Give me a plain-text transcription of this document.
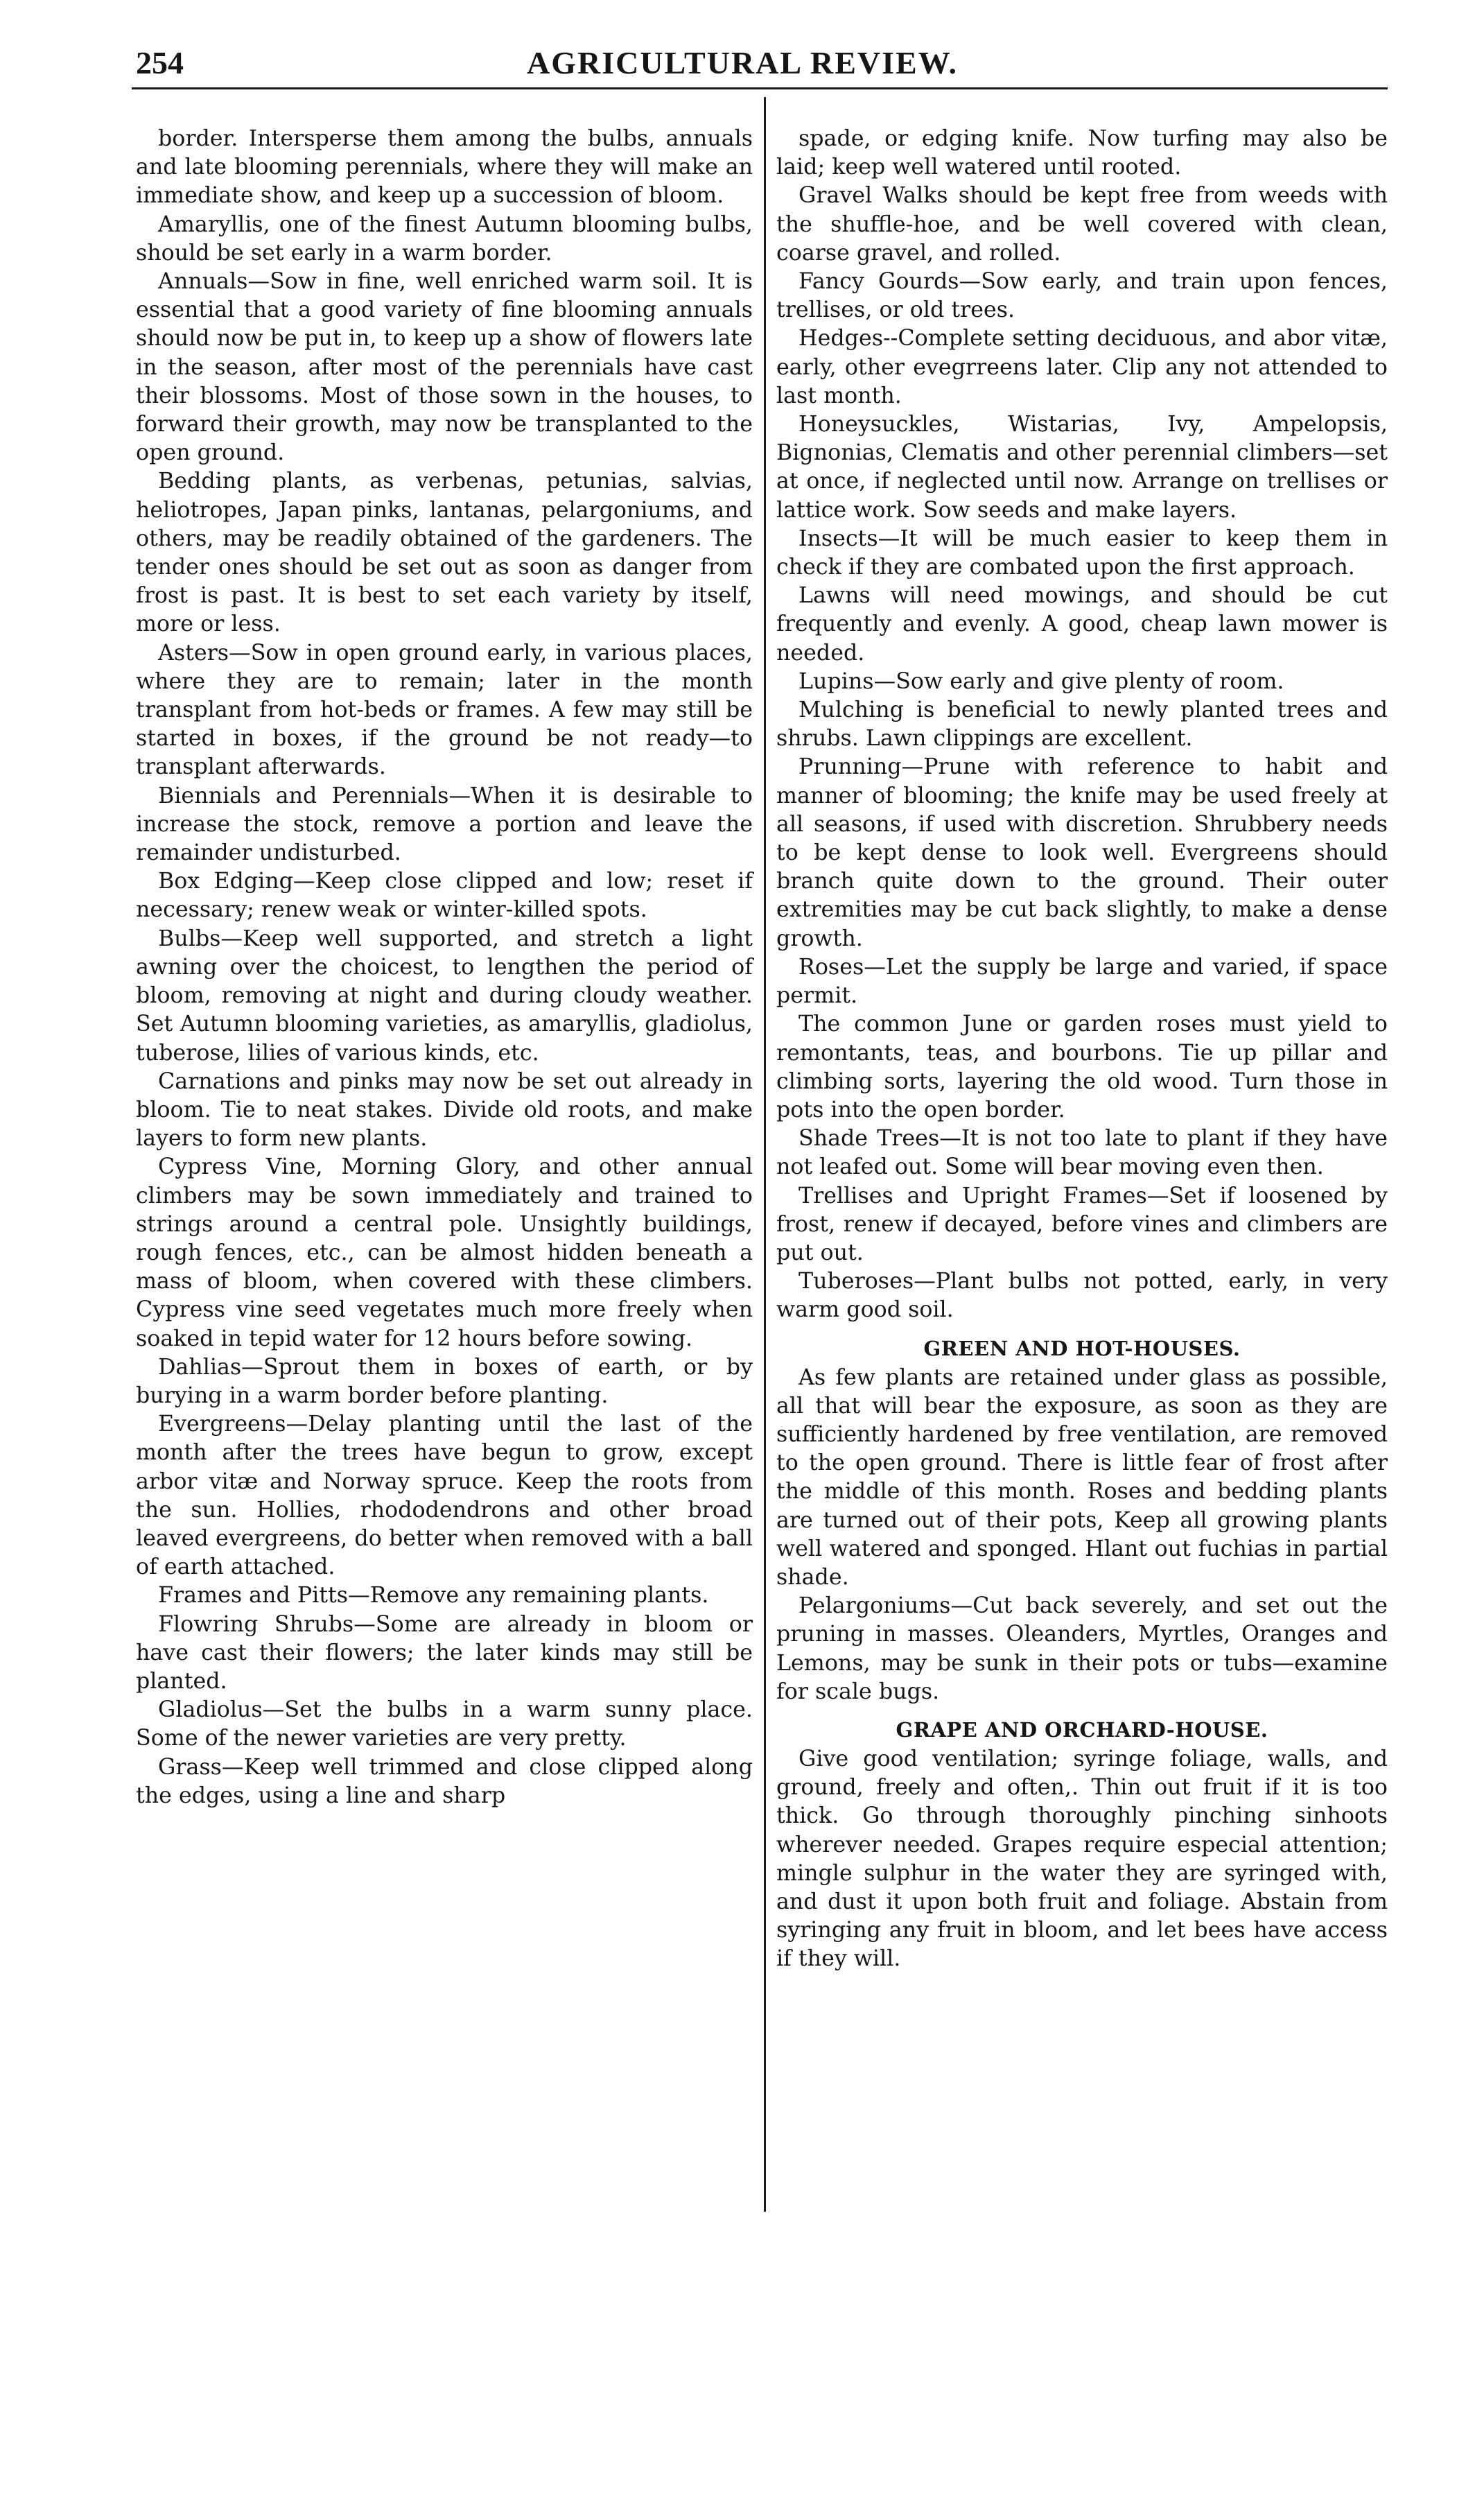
254	AGRICULTURAL REVIEW.

border. Intersperse them among the bulbs, annuals and late blooming perennials, where they will make an immediate show, and keep up a succession of bloom.

Amaryllis, one of the finest Autumn blooming bulbs, should be set early in a warm border.

Annuals—Sow in fine, well enriched warm soil. It is essential that a good variety of fine blooming annuals should now be put in, to keep up a show of flowers late in the season, after most of the perennials have cast their blossoms. Most of those sown in the houses, to forward their growth, may now be transplanted to the open ground.

Bedding plants, as verbenas, petunias, salvias, heliotropes, Japan pinks, lantanas, pelargoniums, and others, may be readily obtained of the gardeners. The tender ones should be set out as soon as danger from frost is past. It is best to set each variety by itself, more or less.

Asters—Sow in open ground early, in various places, where they are to remain; later in the month transplant from hot-beds or frames. A few may still be started in boxes, if the ground be not ready—to transplant afterwards.

Biennials and Perennials—When it is desirable to increase the stock, remove a portion and leave the remainder undisturbed.

Box Edging—Keep close clipped and low; reset if necessary; renew weak or winter-killed spots.

Bulbs—Keep well supported, and stretch a light awning over the choicest, to lengthen the period of bloom, removing at night and during cloudy weather. Set Autumn blooming varieties, as amaryllis, gladiolus, tuberose, lilies of various kinds, etc.

Carnations and pinks may now be set out already in bloom. Tie to neat stakes. Divide old roots, and make layers to form new plants.

Cypress Vine, Morning Glory, and other annual climbers may be sown immediately and trained to strings around a central pole. Unsightly buildings, rough fences, etc., can be almost hidden beneath a mass of bloom, when covered with these climbers. Cypress vine seed vegetates much more freely when soaked in tepid water for 12 hours before sowing.

Dahlias—Sprout them in boxes of earth, or by burying in a warm border before planting.

Evergreens—Delay planting until the last of the month after the trees have begun to grow, except arbor vitæ and Norway spruce. Keep the roots from the sun. Hollies, rhododendrons and other broad leaved evergreens, do better when removed with a ball of earth attached.

Frames and Pitts—Remove any remaining plants.

Flowring Shrubs—Some are already in bloom or have cast their flowers; the later kinds may still be planted.

Gladiolus—Set the bulbs in a warm sunny place. Some of the newer varieties are very pretty.

Grass—Keep well trimmed and close clipped along the edges, using a line and sharp

spade, or edging knife. Now turfing may also be laid; keep well watered until rooted.

Gravel Walks should be kept free from weeds with the shuffle-hoe, and be well covered with clean, coarse gravel, and rolled.

Fancy Gourds—Sow early, and train upon fences, trellises, or old trees.

Hedges--Complete setting deciduous, and abor vitæ, early, other evegrreens later. Clip any not attended to last month.

Honeysuckles, Wistarias, Ivy, Ampelopsis, Bignonias, Clematis and other perennial climbers—set at once, if neglected until now. Arrange on trellises or lattice work. Sow seeds and make layers.

Insects—It will be much easier to keep them in check if they are combated upon the first approach.

Lawns will need mowings, and should be cut frequently and evenly. A good, cheap lawn mower is needed.

Lupins—Sow early and give plenty of room.

Mulching is beneficial to newly planted trees and shrubs. Lawn clippings are excellent.

Prunning—Prune with reference to habit and manner of blooming; the knife may be used freely at all seasons, if used with discretion. Shrubbery needs to be kept dense to look well. Evergreens should branch quite down to the ground. Their outer extremities may be cut back slightly, to make a dense growth.

Roses—Let the supply be large and varied, if space permit.

The common June or garden roses must yield to remontants, teas, and bourbons. Tie up pillar and climbing sorts, layering the old wood. Turn those in pots into the open border.

Shade Trees—It is not too late to plant if they have not leafed out. Some will bear moving even then.

Trellises and Upright Frames—Set if loosened by frost, renew if decayed, before vines and climbers are put out.

Tuberoses—Plant bulbs not potted, early, in very warm good soil.

GREEN AND HOT-HOUSES.

As few plants are retained under glass as possible, all that will bear the exposure, as soon as they are sufficiently hardened by free ventilation, are removed to the open ground. There is little fear of frost after the middle of this month. Roses and bedding plants are turned out of their pots, Keep all growing plants well watered and sponged. Hlant out fuchias in partial shade.

Pelargoniums—Cut back severely, and set out the pruning in masses. Oleanders, Myrtles, Oranges and Lemons, may be sunk in their pots or tubs—examine for scale bugs.

GRAPE AND ORCHARD-HOUSE.

Give good ventilation; syringe foliage, walls, and ground, freely and often,. Thin out fruit if it is too thick. Go through thoroughly pinching sinhoots wherever needed. Grapes require especial attention; mingle sulphur in the water they are syringed with, and dust it upon both fruit and foliage. Abstain from syringing any fruit in bloom, and let bees have access if they will.
